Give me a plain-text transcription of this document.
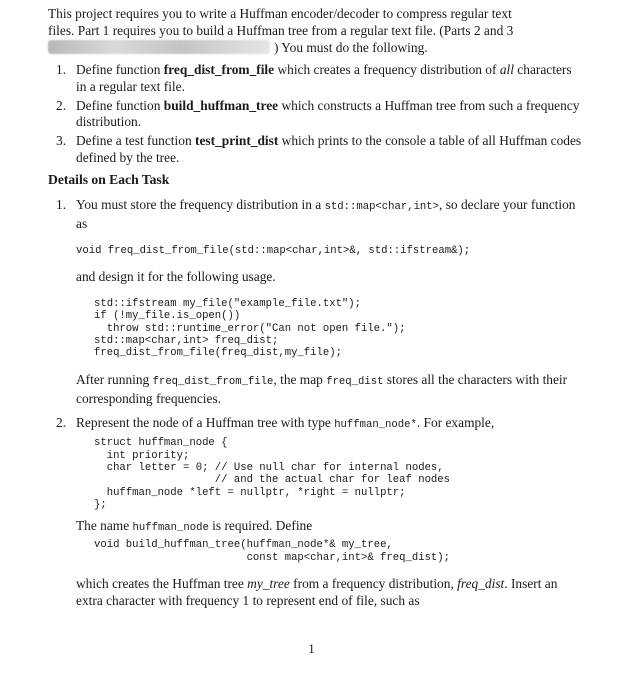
This project requires you to write a Huffman encoder/decoder to compress regular text

files. Part 1 requires you to build a Huffman tree from a regular text file. (Parts 2 and 3

) You must do the following.

1. Define function freq_dist_from_file which creates a frequency distribution of all characters in a regular text file.
2. Define function build_huffman_tree which constructs a Huffman tree from such a frequency distribution.
3. Define a test function test_print_dist which prints to the console a table of all Huffman codes defined by the tree.
Details on Each Task
1. You must store the frequency distribution in a std::map<char,int>, so declare your function as
void freq_dist_from_file(std::map<char,int>&, std::ifstream&);
and design it for the following usage.
std::ifstream my_file("example_file.txt");
if (!my_file.is_open())
throw std::runtime_error("Can not open file.");
std::map<char,int> freq_dist;
freq_dist_from_file(freq_dist,my_file);
After running freq_dist_from_file, the map freq_dist stores all the characters with their corresponding frequencies.
2. Represent the node of a Huffman tree with type huffman_node*. For example,
struct huffman_node {
int priority;
char letter = 0; // Use null char for internal nodes,
// and the actual char for leaf nodes
huffman_node *left = nullptr, *right = nullptr;
};
The name huffman_node is required. Define
void build_huffman_tree(huffman_node*& my_tree,
const map<char,int>& freq_dist);
which creates the Huffman tree my_tree from a frequency distribution, freq_dist. Insert an extra character with frequency 1 to represent end of file, such as
1
